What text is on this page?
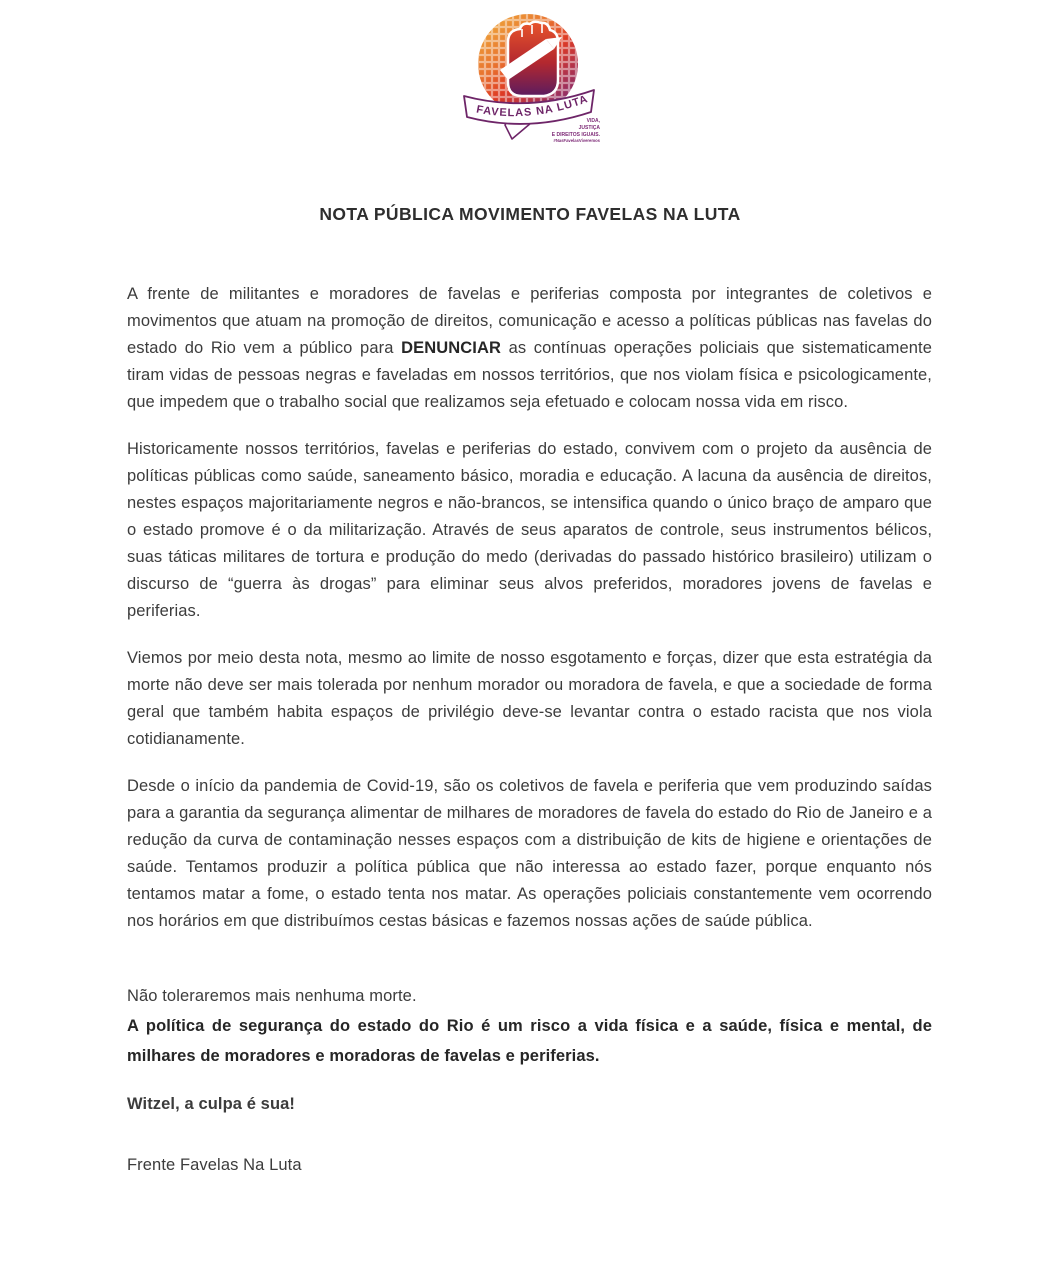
FAVELAS NA LUTA
VIDA,
JUSTIÇA
E DIREITOS IGUAIS.
#NasFavelasViveremos
NOTA PÚBLICA MOVIMENTO FAVELAS NA LUTA

A frente de militantes e moradores de favelas e periferias composta por integrantes de coletivos e movimentos que atuam na promoção de direitos, comunicação e acesso a políticas públicas nas favelas do estado do Rio vem a público para DENUNCIAR as contínuas operações policiais que sistematicamente tiram vidas de pessoas negras e faveladas em nossos territórios, que nos violam física e psicologicamente, que impedem que o trabalho social que realizamos seja efetuado e colocam nossa vida em risco.

Historicamente nossos territórios, favelas e periferias do estado, convivem com o projeto da ausência de políticas públicas como saúde, saneamento básico, moradia e educação. A lacuna da ausência de direitos, nestes espaços majoritariamente negros e não-brancos, se intensifica quando o único braço de amparo que o estado promove é o da militarização. Através de seus aparatos de controle, seus instrumentos bélicos, suas táticas militares de tortura e produção do medo (derivadas do passado histórico brasileiro) utilizam o discurso de “guerra às drogas” para eliminar seus alvos preferidos, moradores jovens de favelas e periferias.

Viemos por meio desta nota, mesmo ao limite de nosso esgotamento e forças, dizer que esta estratégia da morte não deve ser mais tolerada por nenhum morador ou moradora de favela, e que a sociedade de forma geral que também habita espaços de privilégio deve-se levantar contra o estado racista que nos viola cotidianamente.

Desde o início da pandemia de Covid-19, são os coletivos de favela e periferia que vem produzindo saídas para a garantia da segurança alimentar de milhares de moradores de favela do estado do Rio de Janeiro e a redução da curva de contaminação nesses espaços com a distribuição de kits de higiene e orientações de saúde. Tentamos produzir a política pública que não interessa ao estado fazer, porque enquanto nós tentamos matar a fome, o estado tenta nos matar. As operações policiais constantemente vem ocorrendo nos horários em que distribuímos cestas básicas e fazemos nossas ações de saúde pública.

Não toleraremos mais nenhuma morte.
A política de segurança do estado do Rio é um risco a vida física e a saúde, física e mental, de milhares de moradores e moradoras de favelas e periferias.

Witzel, a culpa é sua!

Frente Favelas Na Luta
